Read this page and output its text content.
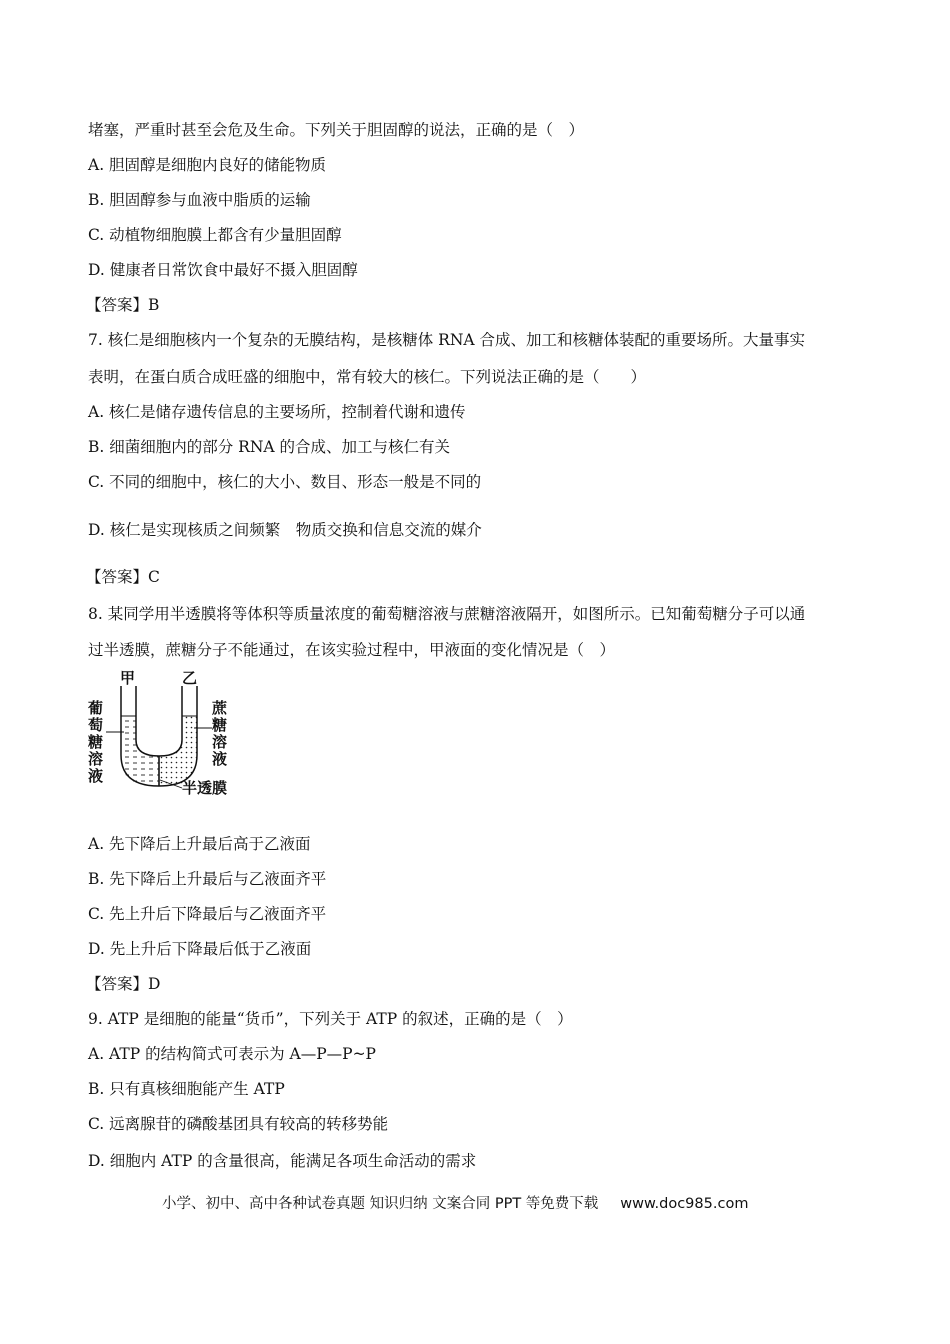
堵塞，严重时甚至会危及生命。下列关于胆固醇的说法，正确的是（　）
A. 胆固醇是细胞内良好的储能物质
B. 胆固醇参与血液中脂质的运输
C. 动植物细胞膜上都含有少量胆固醇
D. 健康者日常饮食中最好不摄入胆固醇
【答案】B
7. 核仁是细胞核内一个复杂的无膜结构，是核糖体 RNA 合成、加工和核糖体装配的重要场所。大量事实
表明，在蛋白质合成旺盛的细胞中，常有较大的核仁。下列说法正确的是（　　）
A. 核仁是储存遗传信息的主要场所，控制着代谢和遗传
B. 细菌细胞内的部分 RNA 的合成、加工与核仁有关
C. 不同的细胞中，核仁的大小、数目、形态一般是不同的
D. 核仁是实现核质之间频繁　物质交换和信息交流的媒介
【答案】C
8. 某同学用半透膜将等体积等质量浓度的葡萄糖溶液与蔗糖溶液隔开，如图所示。已知葡萄糖分子可以通
过半透膜，蔗糖分子不能通过，在该实验过程中，甲液面的变化情况是（　）
甲	乙
葡萄糖溶液
蔗糖溶液
半透膜
A. 先下降后上升最后高于乙液面
B. 先下降后上升最后与乙液面齐平
C. 先上升后下降最后与乙液面齐平
D. 先上升后下降最后低于乙液面
【答案】D
9. ATP 是细胞的能量“货币”，下列关于 ATP 的叙述，正确的是（　）
A. ATP 的结构简式可表示为 A—P—P~P
B. 只有真核细胞能产生 ATP
C. 远离腺苷的磷酸基团具有较高的转移势能
D. 细胞内 ATP 的含量很高，能满足各项生命活动的需求
小学、初中、高中各种试卷真题 知识归纳 文案合同 PPT 等免费下载 www.doc985.com
